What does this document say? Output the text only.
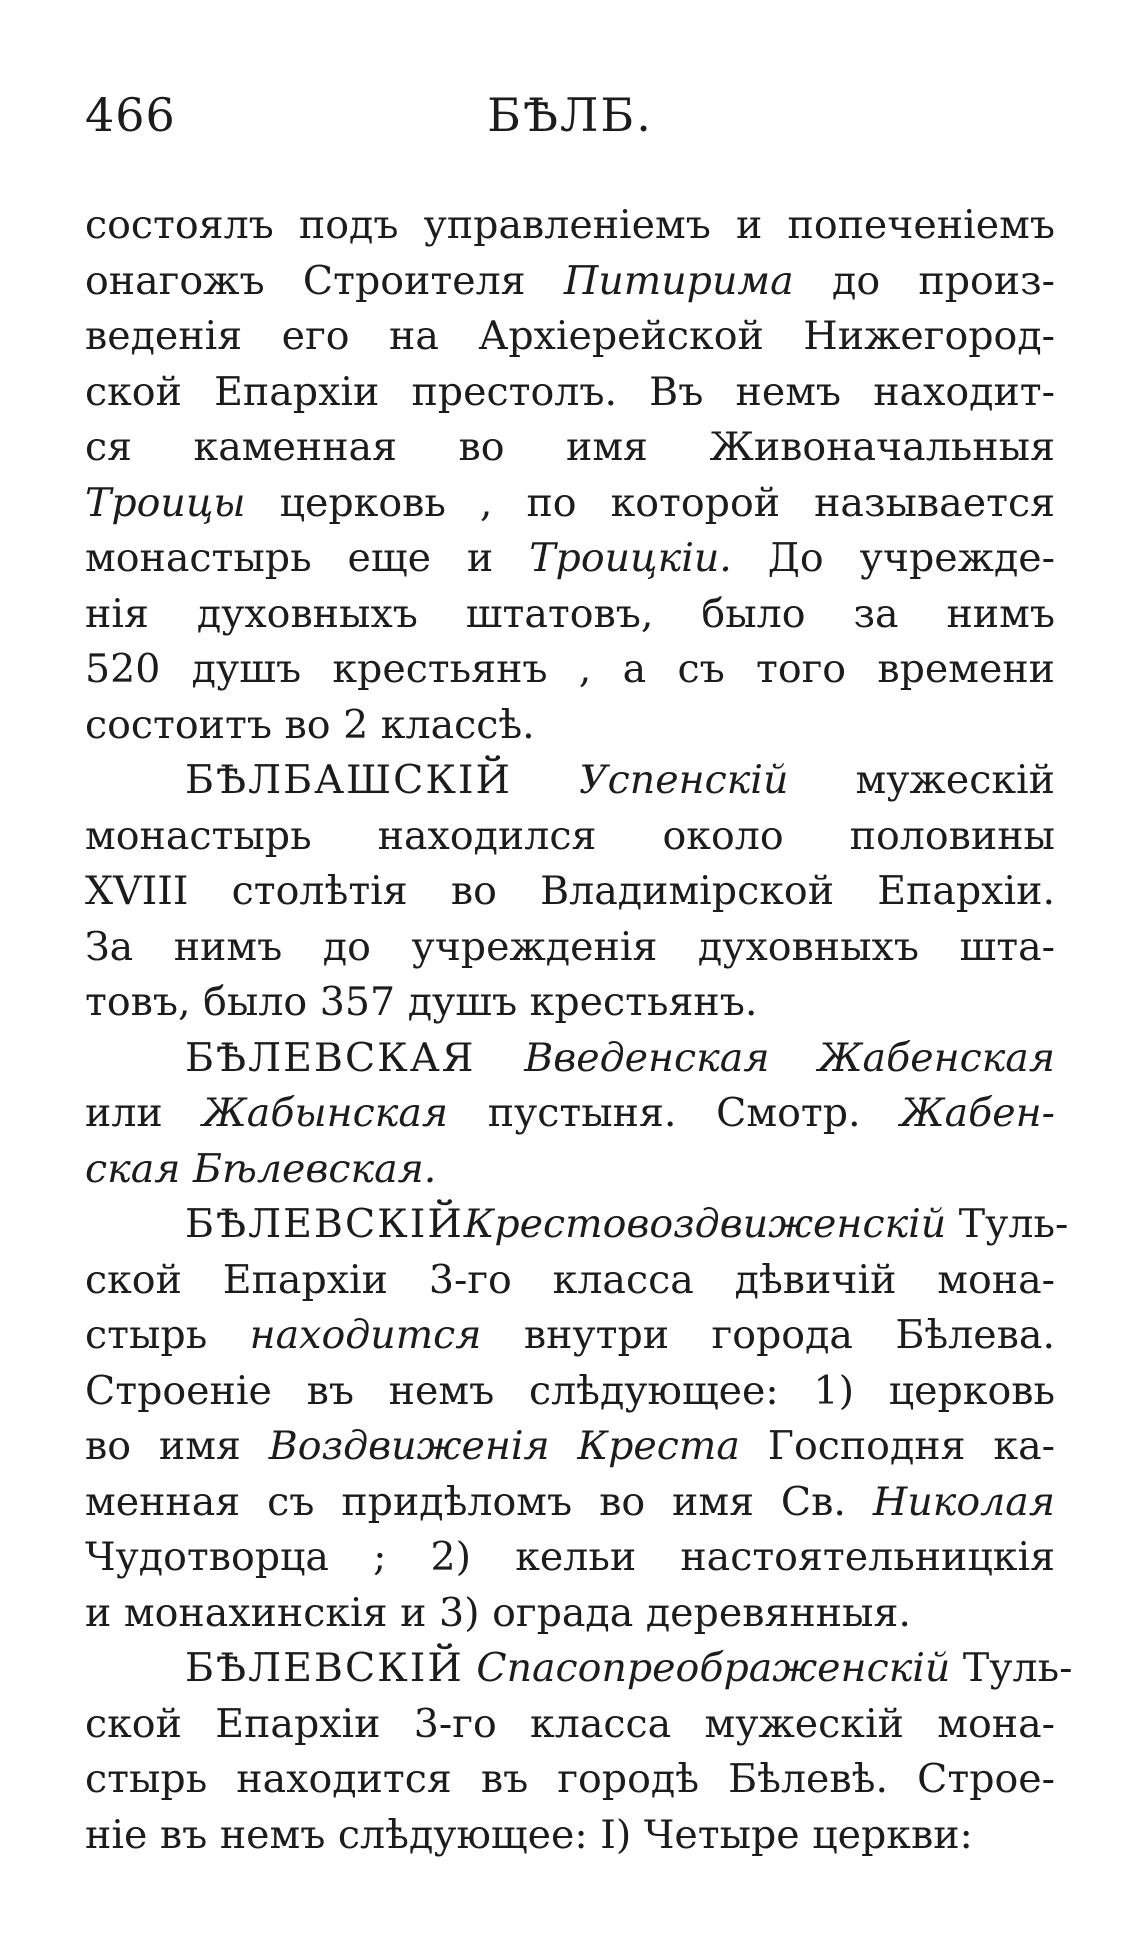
466	БѢЛБ.
состоялъ подъ управленiемъ и попеченiемъ
онагожъ Строителя Питирима до произ-
веденiя его на Архiерейской Нижегород-
ской Епархiи престолъ. Въ немъ находит-
ся каменная во имя Живоначальныя
Троицы церковь , по которой называется
монастырь еще и Троицкiи. До учрежде-
нiя духовныхъ штатовъ, было за нимъ
520 душъ крестьянъ , а съ того времени
состоитъ во 2 классѣ.
БѢЛБАШСКIЙ Успенскiй мужескiй
монастырь находился около половины
XVIII столѣтiя во Владимiрской Епархiи.
За нимъ до учрежденiя духовныхъ шта-
товъ, было 357 душъ крестьянъ.
БѢЛЕВСКАЯ Введенская Жабенская
или Жабынская пустыня. Смотр. Жабен-
ская Бѣлевская.
БѢЛЕВСКIЙКрестовоздвиженскiй Туль-
ской Епархiи 3-го класса дѣвичiй мона-
стырь находится внутри города Бѣлева.
Строенiе въ немъ слѣдующее: 1) церковь
во имя Воздвиженiя Креста Господня ка-
менная съ придѣломъ во имя Св. Николая
Чудотворца ; 2) кельи настоятельницкiя
и монахинскiя и 3) ограда деревянныя.
БѢЛЕВСКIЙ Спасопреображенскiй Туль-
ской Епархiи 3-го класса мужескiй мона-
стырь находится въ городѣ Бѣлевѣ. Строе-
нiе въ немъ слѣдующее: I) Четыре церкви:
